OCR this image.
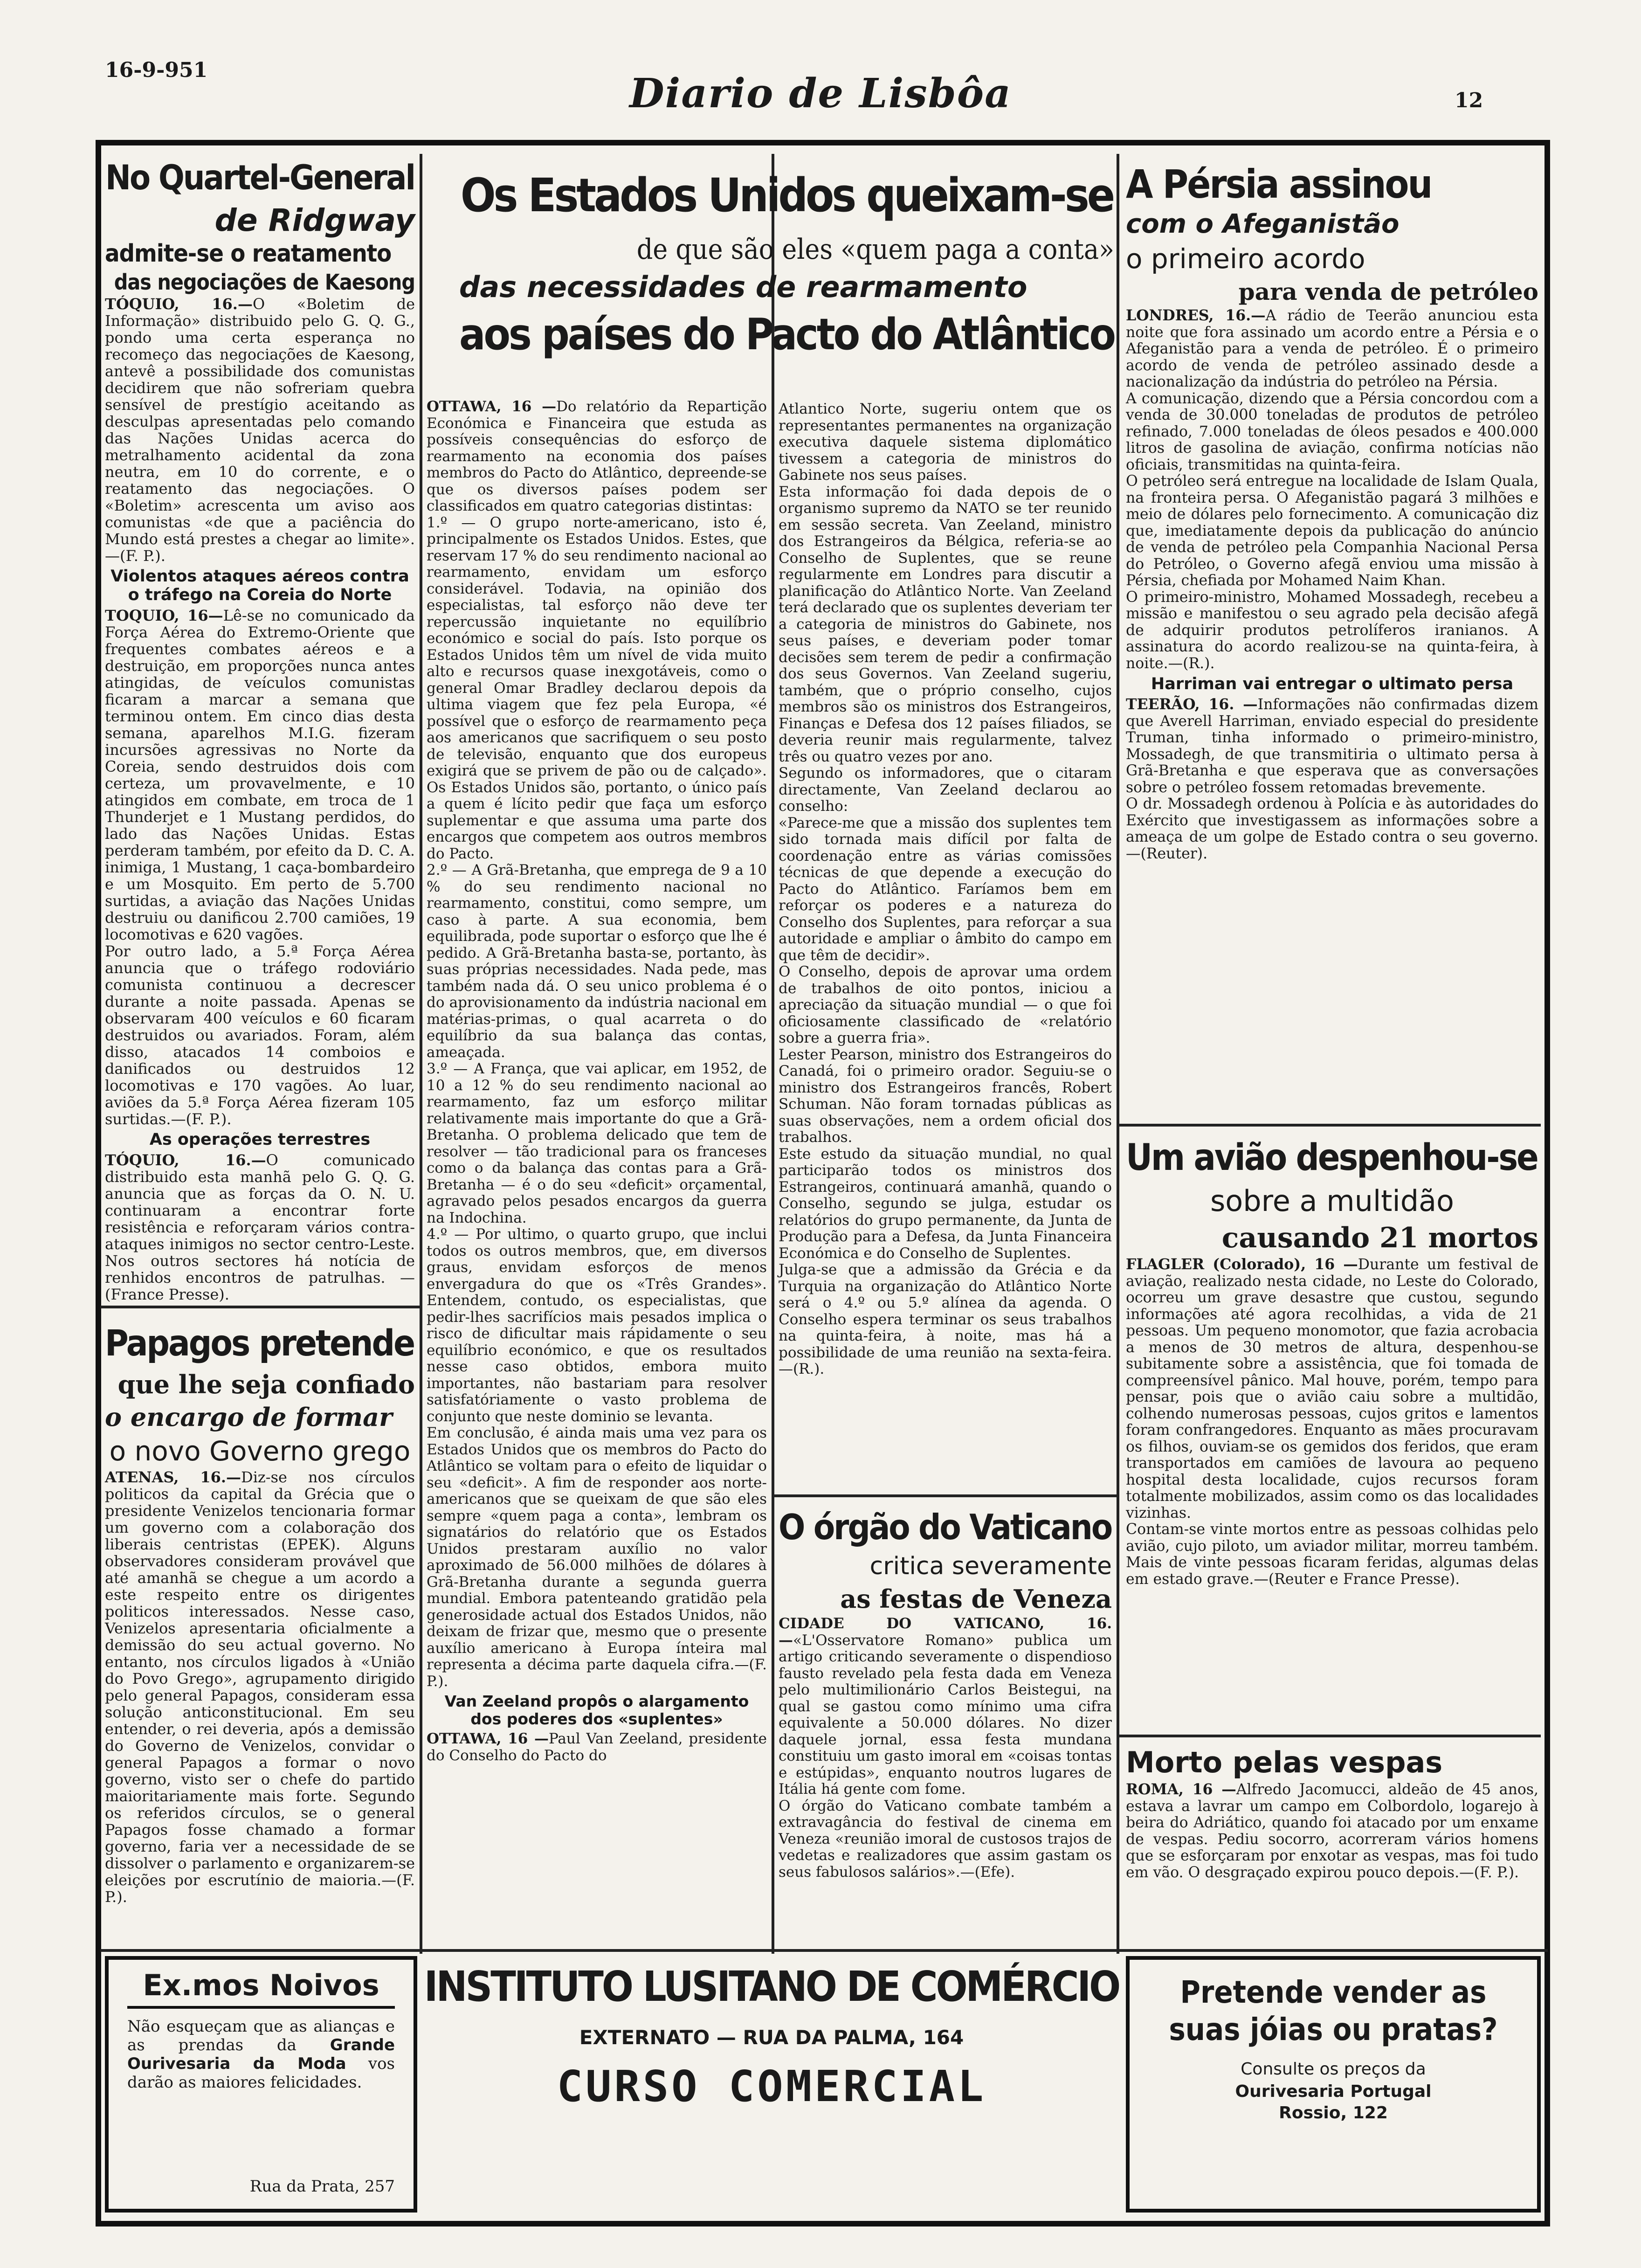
16-9-951	Diario de Lisbôa	12
No Quartel-General
de Ridgway
admite-se o reatamento
das negociações de Kaesong

TÓQUIO, 16.—O «Boletim de Informação» distribuido pelo G. Q. G., pondo uma certa esperança no recomeço das negociações de Kaesong, antevê a possibilidade dos comunistas decidirem que não sofreriam quebra sensível de prestígio aceitando as desculpas apresentadas pelo comando das Nações Unidas acerca do metralhamento acidental da zona neutra, em 10 do corrente, e o reatamento das negociações. O «Boletim» acrescenta um aviso aos comunistas «de que a paciência do Mundo está prestes a chegar ao limite».—(F. P.).

Violentos ataques aéreos contra o tráfego na Coreia do Norte

TOQUIO, 16—Lê-se no comunicado da Força Aérea do Extremo-Oriente que frequentes combates aéreos e a destruição, em proporções nunca antes atingidas, de veículos comunistas ficaram a marcar a semana que terminou ontem. Em cinco dias desta semana, aparelhos M.I.G. fizeram incursões agressivas no Norte da Coreia, sendo destruidos dois com certeza, um provavelmente, e 10 atingidos em combate, em troca de 1 Thunderjet e 1 Mustang perdidos, do lado das Nações Unidas. Estas perderam também, por efeito da D. C. A. inimiga, 1 Mustang, 1 caça-bombardeiro e um Mosquito. Em perto de 5.700 surtidas, a aviação das Nações Unidas destruiu ou danificou 2.700 camiões, 19 locomotivas e 620 vagões.

Por outro lado, a 5.ª Força Aérea anuncia que o tráfego rodoviário comunista continuou a decrescer durante a noite passada. Apenas se observaram 400 veículos e 60 ficaram destruidos ou avariados. Foram, além disso, atacados 14 comboios e danificados ou destruidos 12 locomotivas e 170 vagões. Ao luar, aviões da 5.ª Força Aérea fizeram 105 surtidas.—(F. P.).

As operações terrestres

TÓQUIO, 16.—O comunicado distribuido esta manhã pelo G. Q. G. anuncia que as forças da O. N. U. continuaram a encontrar forte resistência e reforçaram vários contra-ataques inimigos no sector centro-Leste. Nos outros sectores há notícia de renhidos encontros de patrulhas. — (France Presse).

Papagos pretende
que lhe seja confiado
o encargo de formar
o novo Governo grego

ATENAS, 16.—Diz-se nos círculos politicos da capital da Grécia que o presidente Venizelos tencionaria formar um governo com a colaboração dos liberais centristas (EPEK). Alguns observadores consideram provável que até amanhã se chegue a um acordo a este respeito entre os dirigentes politicos interessados. Nesse caso, Venizelos apresentaria oficialmente a demissão do seu actual governo. No entanto, nos círculos ligados à «União do Povo Grego», agrupamento dirigido pelo general Papagos, consideram essa solução anticonstitucional. Em seu entender, o rei deveria, após a demissão do Governo de Venizelos, convidar o general Papagos a formar o novo governo, visto ser o chefe do partido maioritariamente mais forte. Segundo os referidos círculos, se o general Papagos fosse chamado a formar governo, faria ver a necessidade de se dissolver o parlamento e organizarem-se eleições por escrutínio de maioria.—(F. P.).

Os Estados Unidos queixam-se
de que são eles «quem paga a conta»
das necessidades de rearmamento
aos países do Pacto do Atlântico

OTTAWA, 16 —Do relatório da Repartição Económica e Financeira que estuda as possíveis consequências do esforço de rearmamento na economia dos países membros do Pacto do Atlântico, depreende-se que os diversos países podem ser classificados em quatro categorias distintas:
1.º — O grupo norte-americano, isto é, principalmente os Estados Unidos. Estes, que reservam 17 % do seu rendimento nacional ao rearmamento, envidam um esforço considerável. Todavia, na opinião dos especialistas, tal esforço não deve ter repercussão inquietante no equilíbrio económico e social do país. Isto porque os Estados Unidos têm um nível de vida muito alto e recursos quase inexgotáveis, como o general Omar Bradley declarou depois da ultima viagem que fez pela Europa, «é possível que o esforço de rearmamento peça aos americanos que sacrifiquem o seu posto de televisão, enquanto que dos europeus exigirá que se privem de pão ou de calçado». Os Estados Unidos são, portanto, o único país a quem é lícito pedir que faça um esforço suplementar e que assuma uma parte dos encargos que competem aos outros membros do Pacto.
2.º — A Grã-Bretanha, que emprega de 9 a 10 % do seu rendimento nacional no rearmamento, constitui, como sempre, um caso à parte. A sua economia, bem equilibrada, pode suportar o esforço que lhe é pedido. A Grã-Bretanha basta-se, portanto, às suas próprias necessidades. Nada pede, mas também nada dá. O seu unico problema é o do aprovisionamento da indústria nacional em matérias-primas, o qual acarreta o do equilíbrio da sua balança das contas, ameaçada.
3.º — A França, que vai aplicar, em 1952, de 10 a 12 % do seu rendimento nacional ao rearmamento, faz um esforço militar relativamente mais importante do que a Grã-Bretanha. O problema delicado que tem de resolver — tão tradicional para os franceses como o da balança das contas para a Grã-Bretanha — é o do seu «deficit» orçamental, agravado pelos pesados encargos da guerra na Indochina.
4.º — Por ultimo, o quarto grupo, que inclui todos os outros membros, que, em diversos graus, envidam esforços de menos envergadura do que os «Três Grandes». Entendem, contudo, os especialistas, que pedir-lhes sacrifícios mais pesados implica o risco de dificultar mais rápidamente o seu equilíbrio económico, e que os resultados nesse caso obtidos, embora muito importantes, não bastariam para resolver satisfatóriamente o vasto problema de conjunto que neste dominio se levanta.
Em conclusão, é ainda mais uma vez para os Estados Unidos que os membros do Pacto do Atlântico se voltam para o efeito de liquidar o seu «deficit». A fim de responder aos norte-americanos que se queixam de que são eles sempre «quem paga a conta», lembram os signatários do relatório que os Estados Unidos prestaram auxílio no valor aproximado de 56.000 milhões de dólares à Grã-Bretanha durante a segunda guerra mundial. Embora patenteando gratidão pela generosidade actual dos Estados Unidos, não deixam de frizar que, mesmo que o presente auxílio americano à Europa ínteira mal representa a décima parte daquela cifra.—(F. P.).

Van Zeeland propôs o alargamento dos poderes dos «suplentes»

OTTAWA, 16 —Paul Van Zeeland, presidente do Conselho do Pacto do

Atlantico Norte, sugeriu ontem que os representantes permanentes na organização executiva daquele sistema diplomático tivessem a categoria de ministros do Gabinete nos seus países.
Esta informação foi dada depois de o organismo supremo da NATO se ter reunido em sessão secreta. Van Zeeland, ministro dos Estrangeiros da Bélgica, referia-se ao Conselho de Suplentes, que se reune regularmente em Londres para discutir a planificação do Atlântico Norte. Van Zeeland terá declarado que os suplentes deveriam ter a categoria de ministros do Gabinete, nos seus países, e deveriam poder tomar decisões sem terem de pedir a confirmação dos seus Governos. Van Zeeland sugeriu, também, que o próprio conselho, cujos membros são os ministros dos Estrangeiros, Finanças e Defesa dos 12 países filiados, se deveria reunir mais regularmente, talvez três ou quatro vezes por ano.
Segundo os informadores, que o citaram directamente, Van Zeeland declarou ao conselho:
«Parece-me que a missão dos suplentes tem sido tornada mais difícil por falta de coordenação entre as várias comissões técnicas de que depende a execução do Pacto do Atlântico. Faríamos bem em reforçar os poderes e a natureza do Conselho dos Suplentes, para reforçar a sua autoridade e ampliar o âmbito do campo em que têm de decidir».
O Conselho, depois de aprovar uma ordem de trabalhos de oito pontos, iniciou a apreciação da situação mundial — o que foi oficiosamente classificado de «relatório sobre a guerra fria».
Lester Pearson, ministro dos Estrangeiros do Canadá, foi o primeiro orador. Seguiu-se o ministro dos Estrangeiros francês, Robert Schuman. Não foram tornadas públicas as suas observações, nem a ordem oficial dos trabalhos.
Este estudo da situação mundial, no qual participarão todos os ministros dos Estrangeiros, continuará amanhã, quando o Conselho, segundo se julga, estudar os relatórios do grupo permanente, da Junta de Produção para a Defesa, da Junta Financeira Económica e do Conselho de Suplentes.
Julga-se que a admissão da Grécia e da Turquia na organização do Atlântico Norte será o 4.º ou 5.º alínea da agenda. O Conselho espera terminar os seus trabalhos na quinta-feira, à noite, mas há a possibilidade de uma reunião na sexta-feira.—(R.).

O órgão do Vaticano
critica severamente
as festas de Veneza

CIDADE DO VATICANO, 16.—«L'Osservatore Romano» publica um artigo criticando severamente o dispendioso fausto revelado pela festa dada em Veneza pelo multimilionário Carlos Beistegui, na qual se gastou como mínimo uma cifra equivalente a 50.000 dólares. No dizer daquele jornal, essa festa mundana constituiu um gasto imoral em «coisas tontas e estúpidas», enquanto noutros lugares de Itália há gente com fome.
O órgão do Vaticano combate também a extravagância do festival de cinema em Veneza «reunião imoral de custosos trajos de vedetas e realizadores que assim gastam os seus fabulosos salários».—(Efe).

A Pérsia assinou
com o Afeganistão
o primeiro acordo
para venda de petróleo

LONDRES, 16.—A rádio de Teerão anunciou esta noite que fora assinado um acordo entre a Pérsia e o Afeganistão para a venda de petróleo. É o primeiro acordo de venda de petróleo assinado desde a nacionalização da indústria do petróleo na Pérsia.
A comunicação, dizendo que a Pérsia concordou com a venda de 30.000 toneladas de produtos de petróleo refinado, 7.000 toneladas de óleos pesados e 400.000 litros de gasolina de aviação, confirma notícias não oficiais, transmitidas na quinta-feira.
O petróleo será entregue na localidade de Islam Quala, na fronteira persa. O Afeganistão pagará 3 milhões e meio de dólares pelo fornecimento. A comunicação diz que, imediatamente depois da publicação do anúncio de venda de petróleo pela Companhia Nacional Persa do Petróleo, o Governo afegã enviou uma missão à Pérsia, chefiada por Mohamed Naim Khan.
O primeiro-ministro, Mohamed Mossadegh, recebeu a missão e manifestou o seu agrado pela decisão afegã de adquirir produtos petrolíferos iranianos. A assinatura do acordo realizou-se na quinta-feira, à noite.—(R.).

Harriman vai entregar o ultimato persa

TEERÃO, 16. —Informações não confirmadas dizem que Averell Harriman, enviado especial do presidente Truman, tinha informado o primeiro-ministro, Mossadegh, de que transmitiria o ultimato persa à Grã-Bretanha e que esperava que as conversações sobre o petróleo fossem retomadas brevemente.
O dr. Mossadegh ordenou à Polícia e às autoridades do Exército que investigassem as informações sobre a ameaça de um golpe de Estado contra o seu governo.—(Reuter).

Um avião despenhou-se
sobre a multidão
causando 21 mortos

FLAGLER (Colorado), 16 —Durante um festival de aviação, realizado nesta cidade, no Leste do Colorado, ocorreu um grave desastre que custou, segundo informações até agora recolhidas, a vida de 21 pessoas. Um pequeno monomotor, que fazia acrobacia a menos de 30 metros de altura, despenhou-se subitamente sobre a assistência, que foi tomada de compreensível pânico. Mal houve, porém, tempo para pensar, pois que o avião caiu sobre a multidão, colhendo numerosas pessoas, cujos gritos e lamentos foram confrangedores. Enquanto as mães procuravam os filhos, ouviam-se os gemidos dos feridos, que eram transportados em camiões de lavoura ao pequeno hospital desta localidade, cujos recursos foram totalmente mobilizados, assim como os das localidades vizinhas.
Contam-se vinte mortos entre as pessoas colhidas pelo avião, cujo piloto, um aviador militar, morreu também. Mais de vinte pessoas ficaram feridas, algumas delas em estado grave.—(Reuter e France Presse).

Morto pelas vespas

ROMA, 16 —Alfredo Jacomucci, aldeão de 45 anos, estava a lavrar um campo em Colbordolo, logarejo à beira do Adriático, quando foi atacado por um enxame de vespas. Pediu socorro, acorreram vários homens que se esforçaram por enxotar as vespas, mas foi tudo em vão. O desgraçado expirou pouco depois.—(F. P.).

Ex.mos Noivos

Não esqueçam que as alianças e as prendas da Grande Ourivesaria da Moda vos darão as maiores felicidades.

Rua da Prata, 257
INSTITUTO LUSITANO DE COMÉRCIO
EXTERNATO — RUA DA PALMA, 164
CURSO COMERCIAL
Pretende vender as
suas jóias ou pratas?
Consulte os preços da
Ourivesaria Portugal
Rossio, 122
